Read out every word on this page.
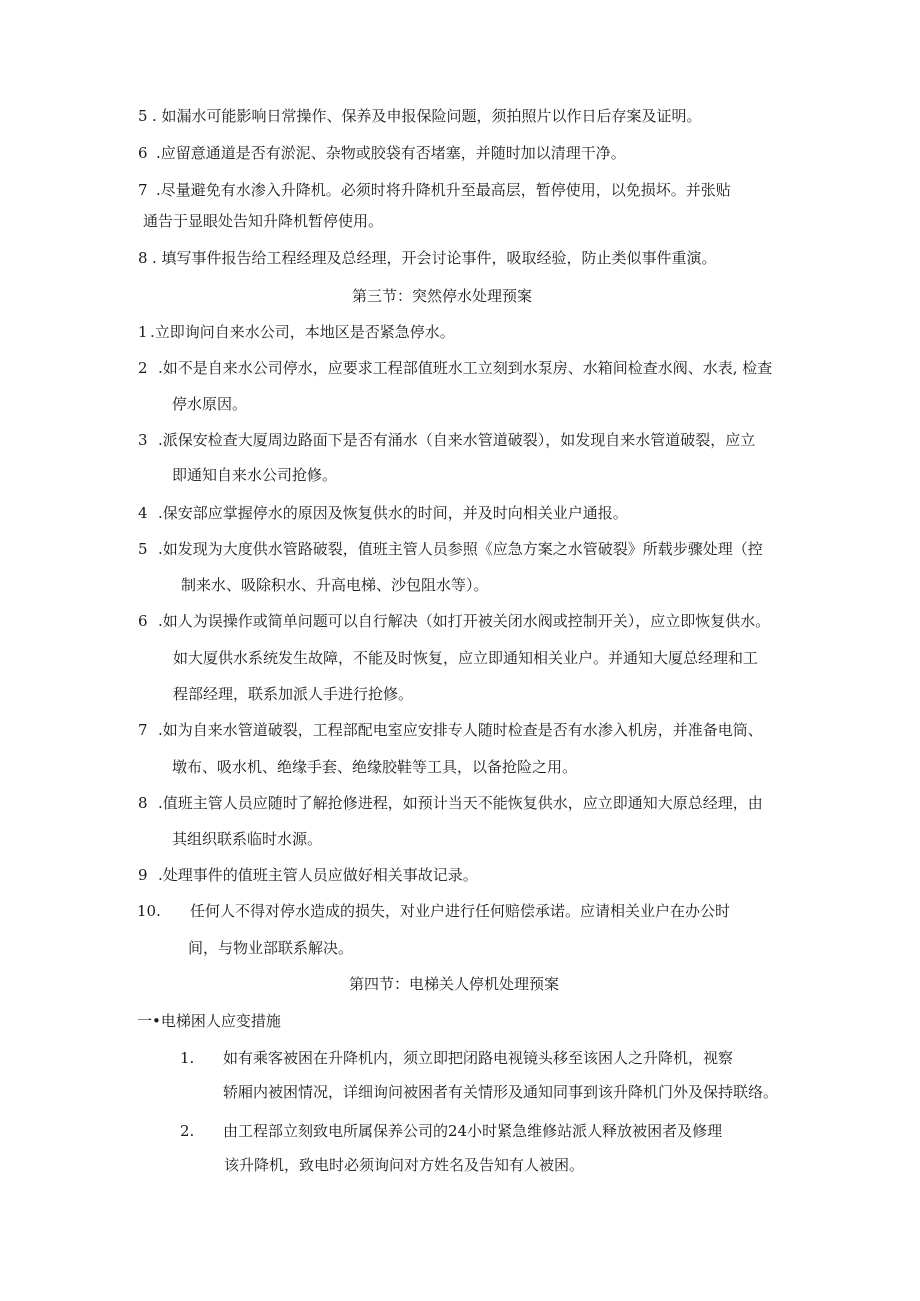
5 . 如漏水可能影响日常操作、保养及申报保险问题，须拍照片以作日后存案及证明。
6 .应留意通道是否有淤泥、杂物或胶袋有否堵塞，并随时加以清理干净。
7 .尽量避免有水渗入升降机。必须时将升降机升至最高层，暂停使用，以免损坏。并张贴
通告于显眼处告知升降机暂停使用。
8 . 填写事件报告给工程经理及总经理，开会讨论事件，吸取经验，防止类似事件重演。
第三节：突然停水处理预案
1 .立即询问自来水公司，本地区是否紧急停水。
2 .如不是自来水公司停水，应要求工程部值班水工立刻到水泵房、水箱间检查水阀、水表, 检查
停水原因。
3 .派保安检查大厦周边路面下是否有涌水（自来水管道破裂），如发现自来水管道破裂，应立
即通知自来水公司抢修。
4 .保安部应掌握停水的原因及恢复供水的时间，并及时向相关业户通报。
5 .如发现为大度供水管路破裂，值班主管人员参照《应急方案之水管破裂》所载步骤处理（控
制来水、吸除积水、升高电梯、沙包阻水等）。
6 .如人为误操作或简单问题可以自行解决（如打开被关闭水阀或控制开关），应立即恢复供水。
如大厦供水系统发生故障，不能及时恢复，应立即通知相关业户。并通知大厦总经理和工
程部经理，联系加派人手进行抢修。
7 .如为自来水管道破裂，工程部配电室应安排专人随时检查是否有水渗入机房，并准备电筒、
墩布、吸水机、绝缘手套、绝缘胶鞋等工具，以备抢险之用。
8 .值班主管人员应随时了解抢修进程，如预计当天不能恢复供水，应立即通知大原总经理，由
其组织联系临时水源。
9 .处理事件的值班主管人员应做好相关事故记录。
10. 任何人不得对停水造成的损失，对业户进行任何赔偿承诺。应请相关业户在办公时
间，与物业部联系解决。
第四节：电梯关人停机处理预案
一•电梯困人应变措施
1. 如有乘客被困在升降机内，须立即把闭路电视镜头移至该困人之升降机，视察
轿厢内被困情况，详细询问被困者有关情形及通知同事到该升降机门外及保持联络。
2. 由工程部立刻致电所属保养公司的24小时紧急维修站派人释放被困者及修理
该升降机，致电时必须询问对方姓名及告知有人被困。
